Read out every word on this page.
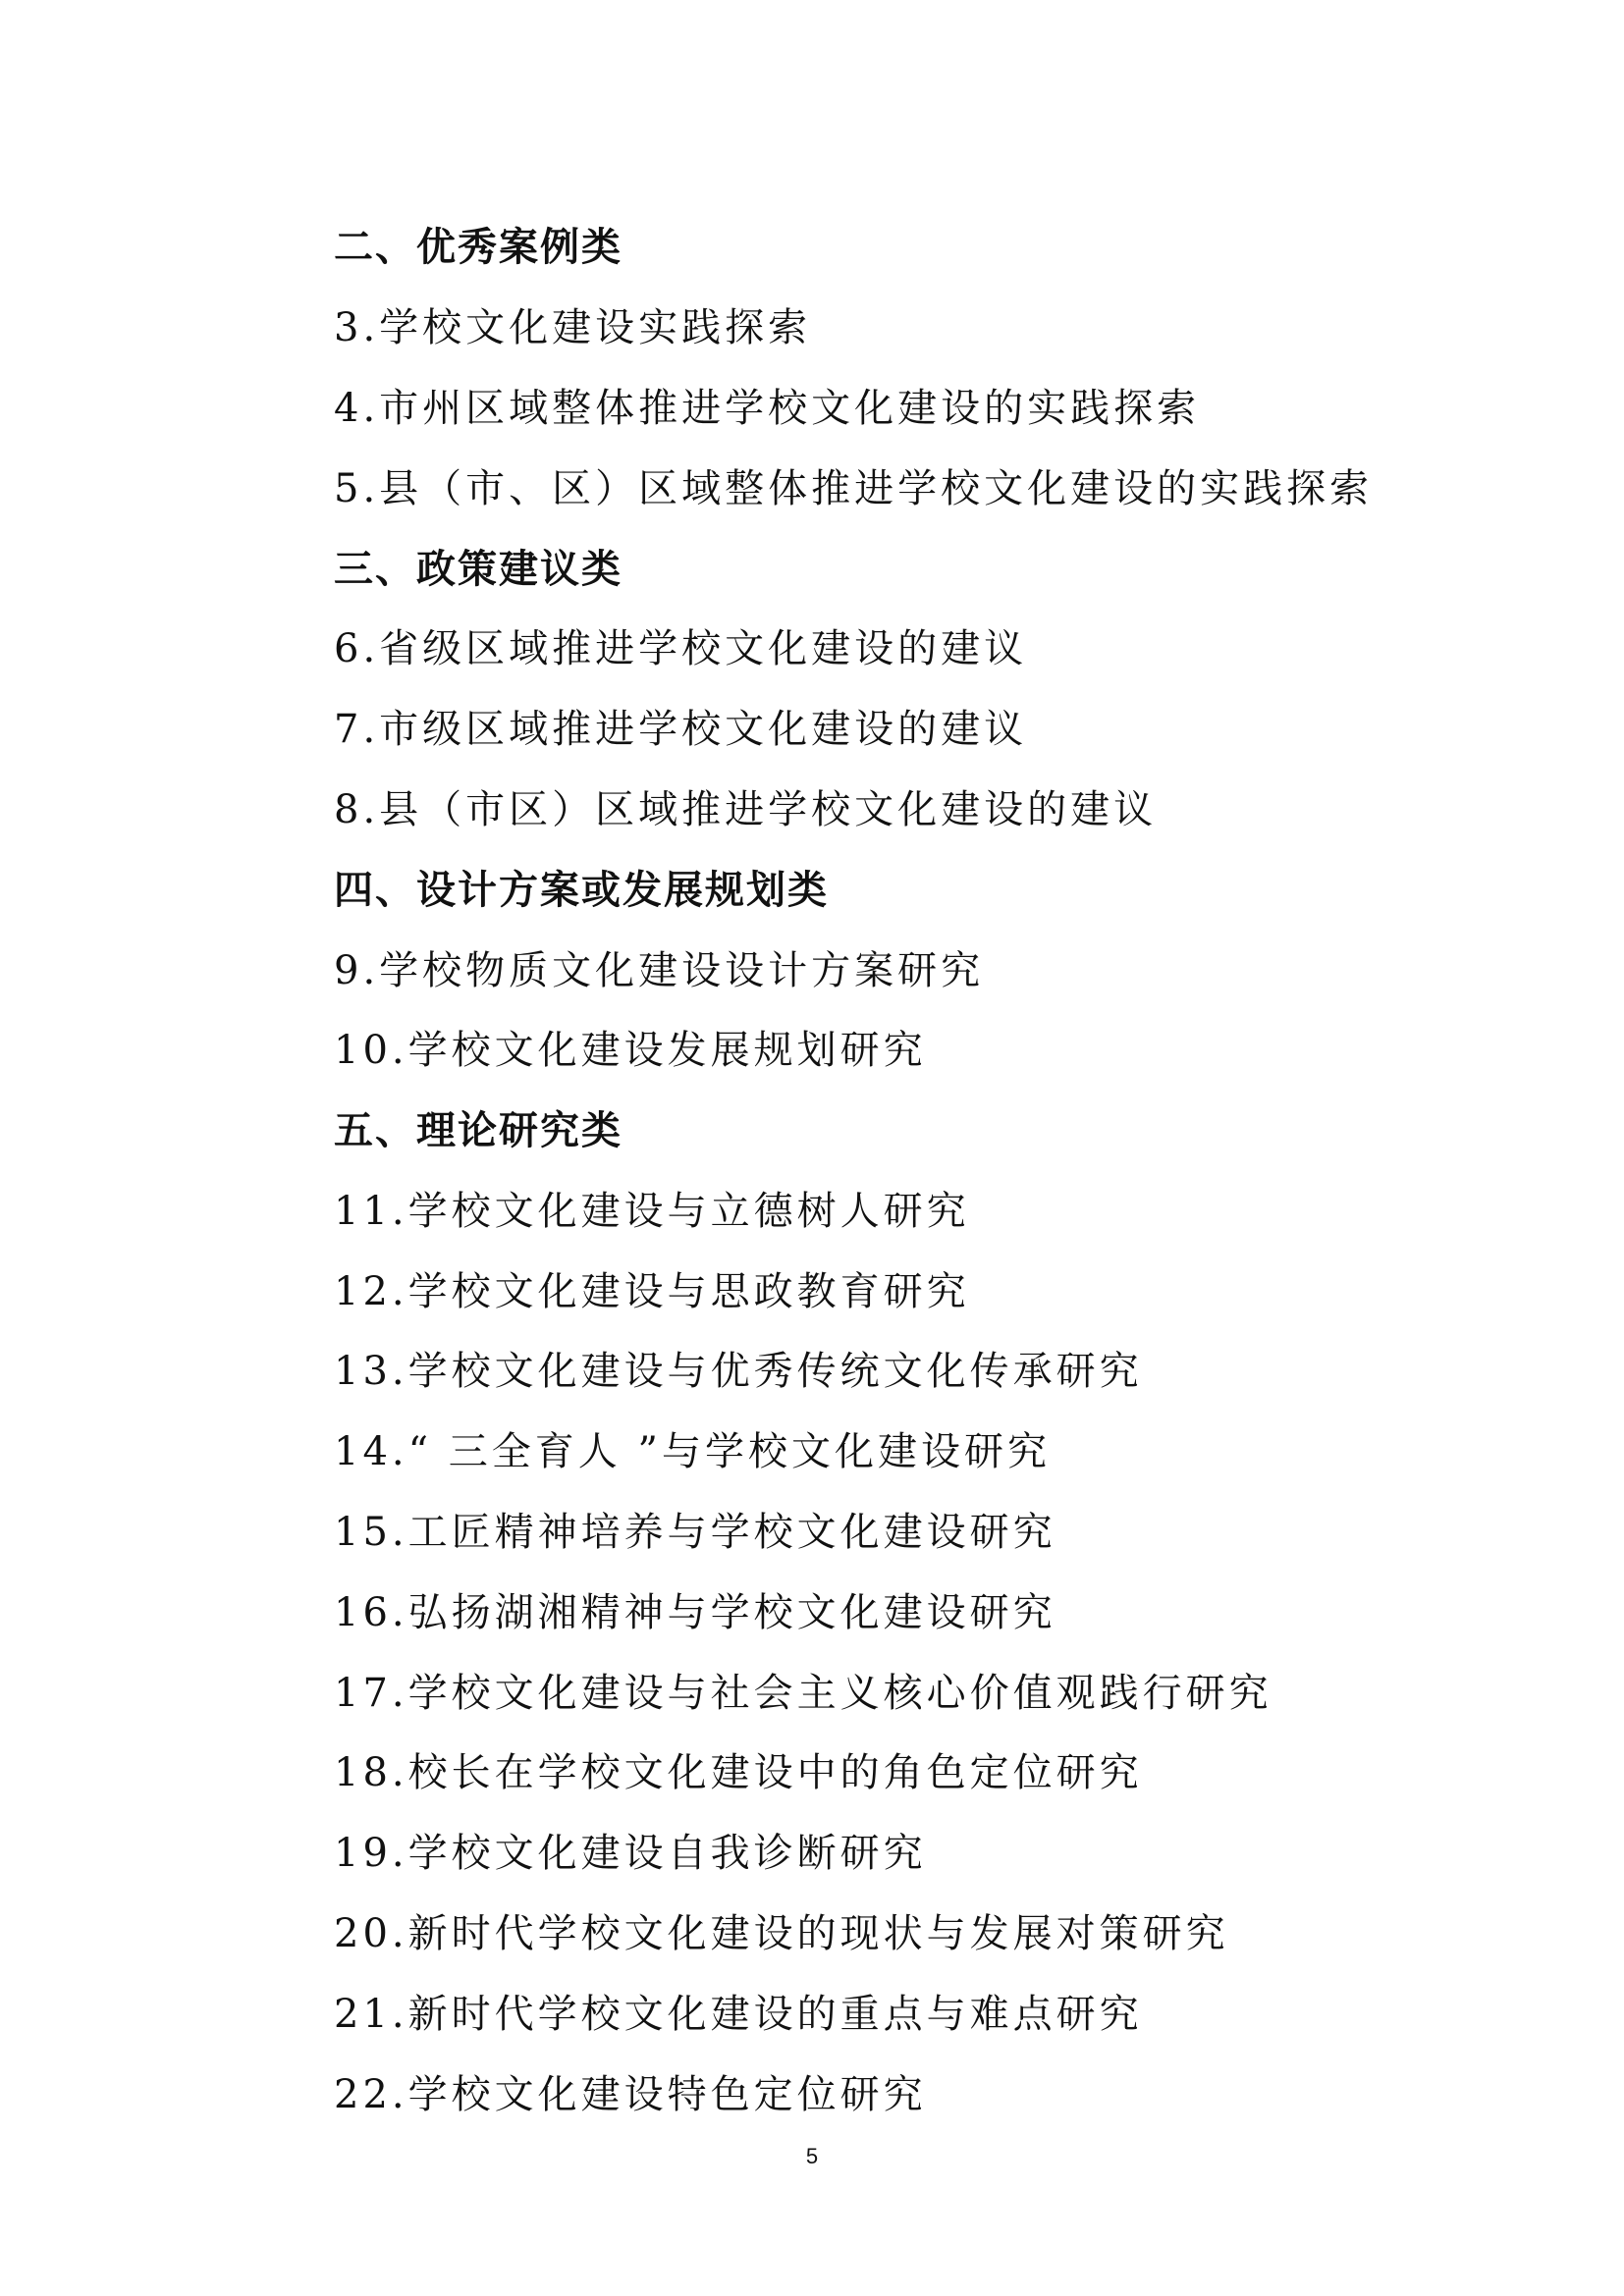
二、优秀案例类
3.学校文化建设实践探索
4.市州区域整体推进学校文化建设的实践探索
5.县（市、区）区域整体推进学校文化建设的实践探索
三、政策建议类
6.省级区域推进学校文化建设的建议
7.市级区域推进学校文化建设的建议
8.县（市区）区域推进学校文化建设的建议
四、设计方案或发展规划类
9.学校物质文化建设设计方案研究
10.学校文化建设发展规划研究
五、理论研究类
11.学校文化建设与立德树人研究
12.学校文化建设与思政教育研究
13.学校文化建设与优秀传统文化传承研究
14.“ 三全育人 ”与学校文化建设研究
15.工匠精神培养与学校文化建设研究
16.弘扬湖湘精神与学校文化建设研究
17.学校文化建设与社会主义核心价值观践行研究
18.校长在学校文化建设中的角色定位研究
19.学校文化建设自我诊断研究
20.新时代学校文化建设的现状与发展对策研究
21.新时代学校文化建设的重点与难点研究
22.学校文化建设特色定位研究
5
